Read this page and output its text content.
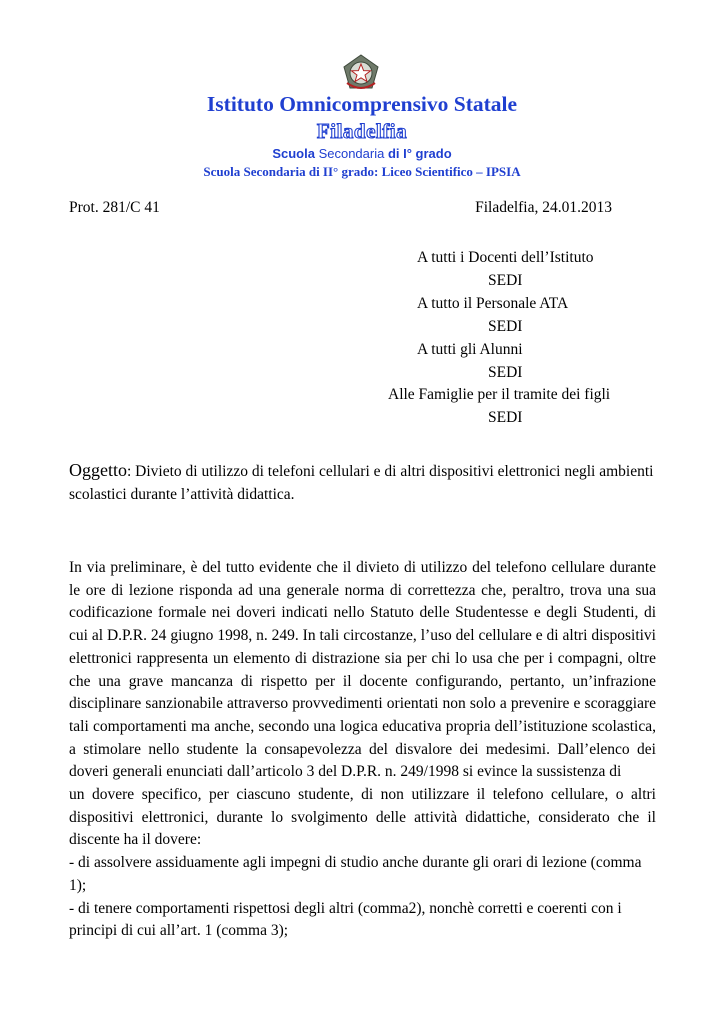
Istituto Omnicomprensivo Statale
Filadelfia
Scuola Secondaria di I° grado
Scuola Secondaria di II° grado: Liceo Scientifico – IPSIA
Prot. 281/C 41	Filadelfia, 24.01.2013
A tutti i Docenti dell’Istituto
SEDI
A tutto il Personale ATA
SEDI
A tutti gli Alunni
SEDI
Alle Famiglie per il tramite dei figli
SEDI
Oggetto: Divieto di utilizzo di telefoni cellulari e di altri dispositivi elettronici negli ambienti scolastici durante l’attività didattica.

In via preliminare, è del tutto evidente che il divieto di utilizzo del telefono cellulare durante le ore di lezione risponda ad una generale norma di correttezza che, peraltro, trova una sua codificazione formale nei doveri indicati nello Statuto delle Studentesse e degli Studenti, di cui al D.P.R. 24 giugno 1998, n. 249. In tali circostanze, l’uso del cellulare e di altri dispositivi elettronici rappresenta un elemento di distrazione sia per chi lo usa che per i compagni, oltre che una grave mancanza di rispetto per il docente configurando, pertanto, un’infrazione disciplinare sanzionabile attraverso provvedimenti orientati non solo a prevenire e scoraggiare tali comportamenti ma anche, secondo una logica educativa propria dell’istituzione scolastica, a stimolare nello studente la consapevolezza del disvalore dei medesimi. Dall’elenco dei doveri generali enunciati dall’articolo 3 del D.P.R. n. 249/1998 si evince la sussistenza di

un dovere specifico, per ciascuno studente, di non utilizzare il telefono cellulare, o altri dispositivi elettronici, durante lo svolgimento delle attività didattiche, considerato che il discente ha il dovere:

- di assolvere assiduamente agli impegni di studio anche durante gli orari di lezione (comma 1);

- di tenere comportamenti rispettosi degli altri (comma2), nonchè corretti e coerenti con i principi di cui all’art. 1 (comma 3);
